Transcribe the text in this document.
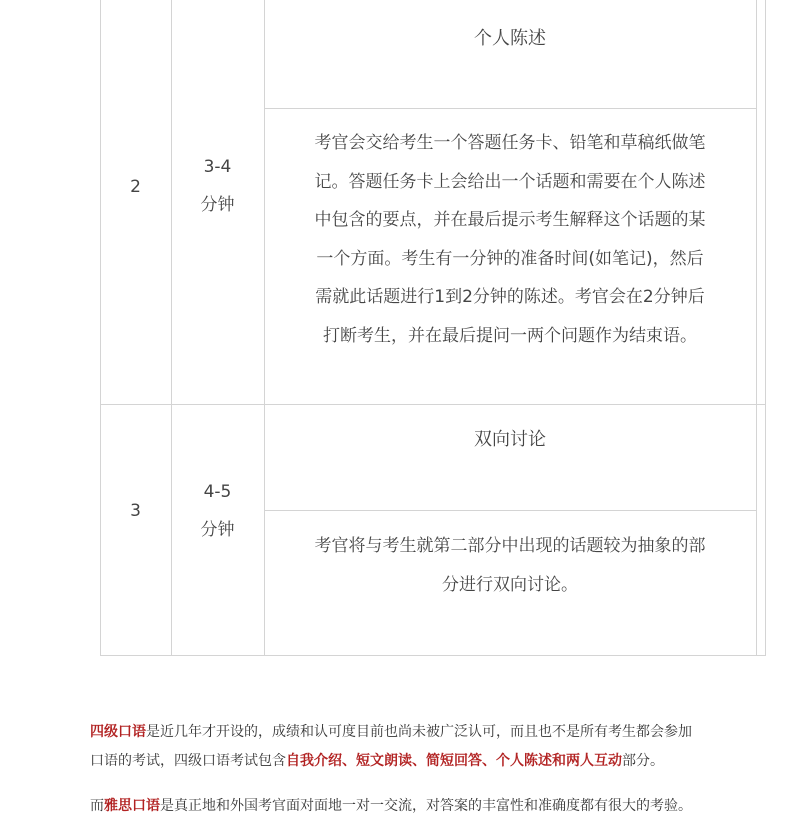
2
3-4
分钟
个人陈述
考官会交给考生一个答题任务卡、铅笔和草稿纸做笔
记。答题任务卡上会给出一个话题和需要在个人陈述
中包含的要点，并在最后提示考生解释这个话题的某
一个方面。考生有一分钟的准备时间(如笔记)，然后
需就此话题进行1到2分钟的陈述。考官会在2分钟后
打断考生，并在最后提问一两个问题作为结束语。
3
4-5
分钟
双向讨论
考官将与考生就第二部分中出现的话题较为抽象的部
分进行双向讨论。
四级口语是近几年才开设的，成绩和认可度目前也尚未被广泛认可，而且也不是所有考生都会参加
口语的考试，四级口语考试包含自我介绍、短文朗读、简短回答、个人陈述和两人互动部分。
而雅思口语是真正地和外国考官面对面地一对一交流，对答案的丰富性和准确度都有很大的考验。
